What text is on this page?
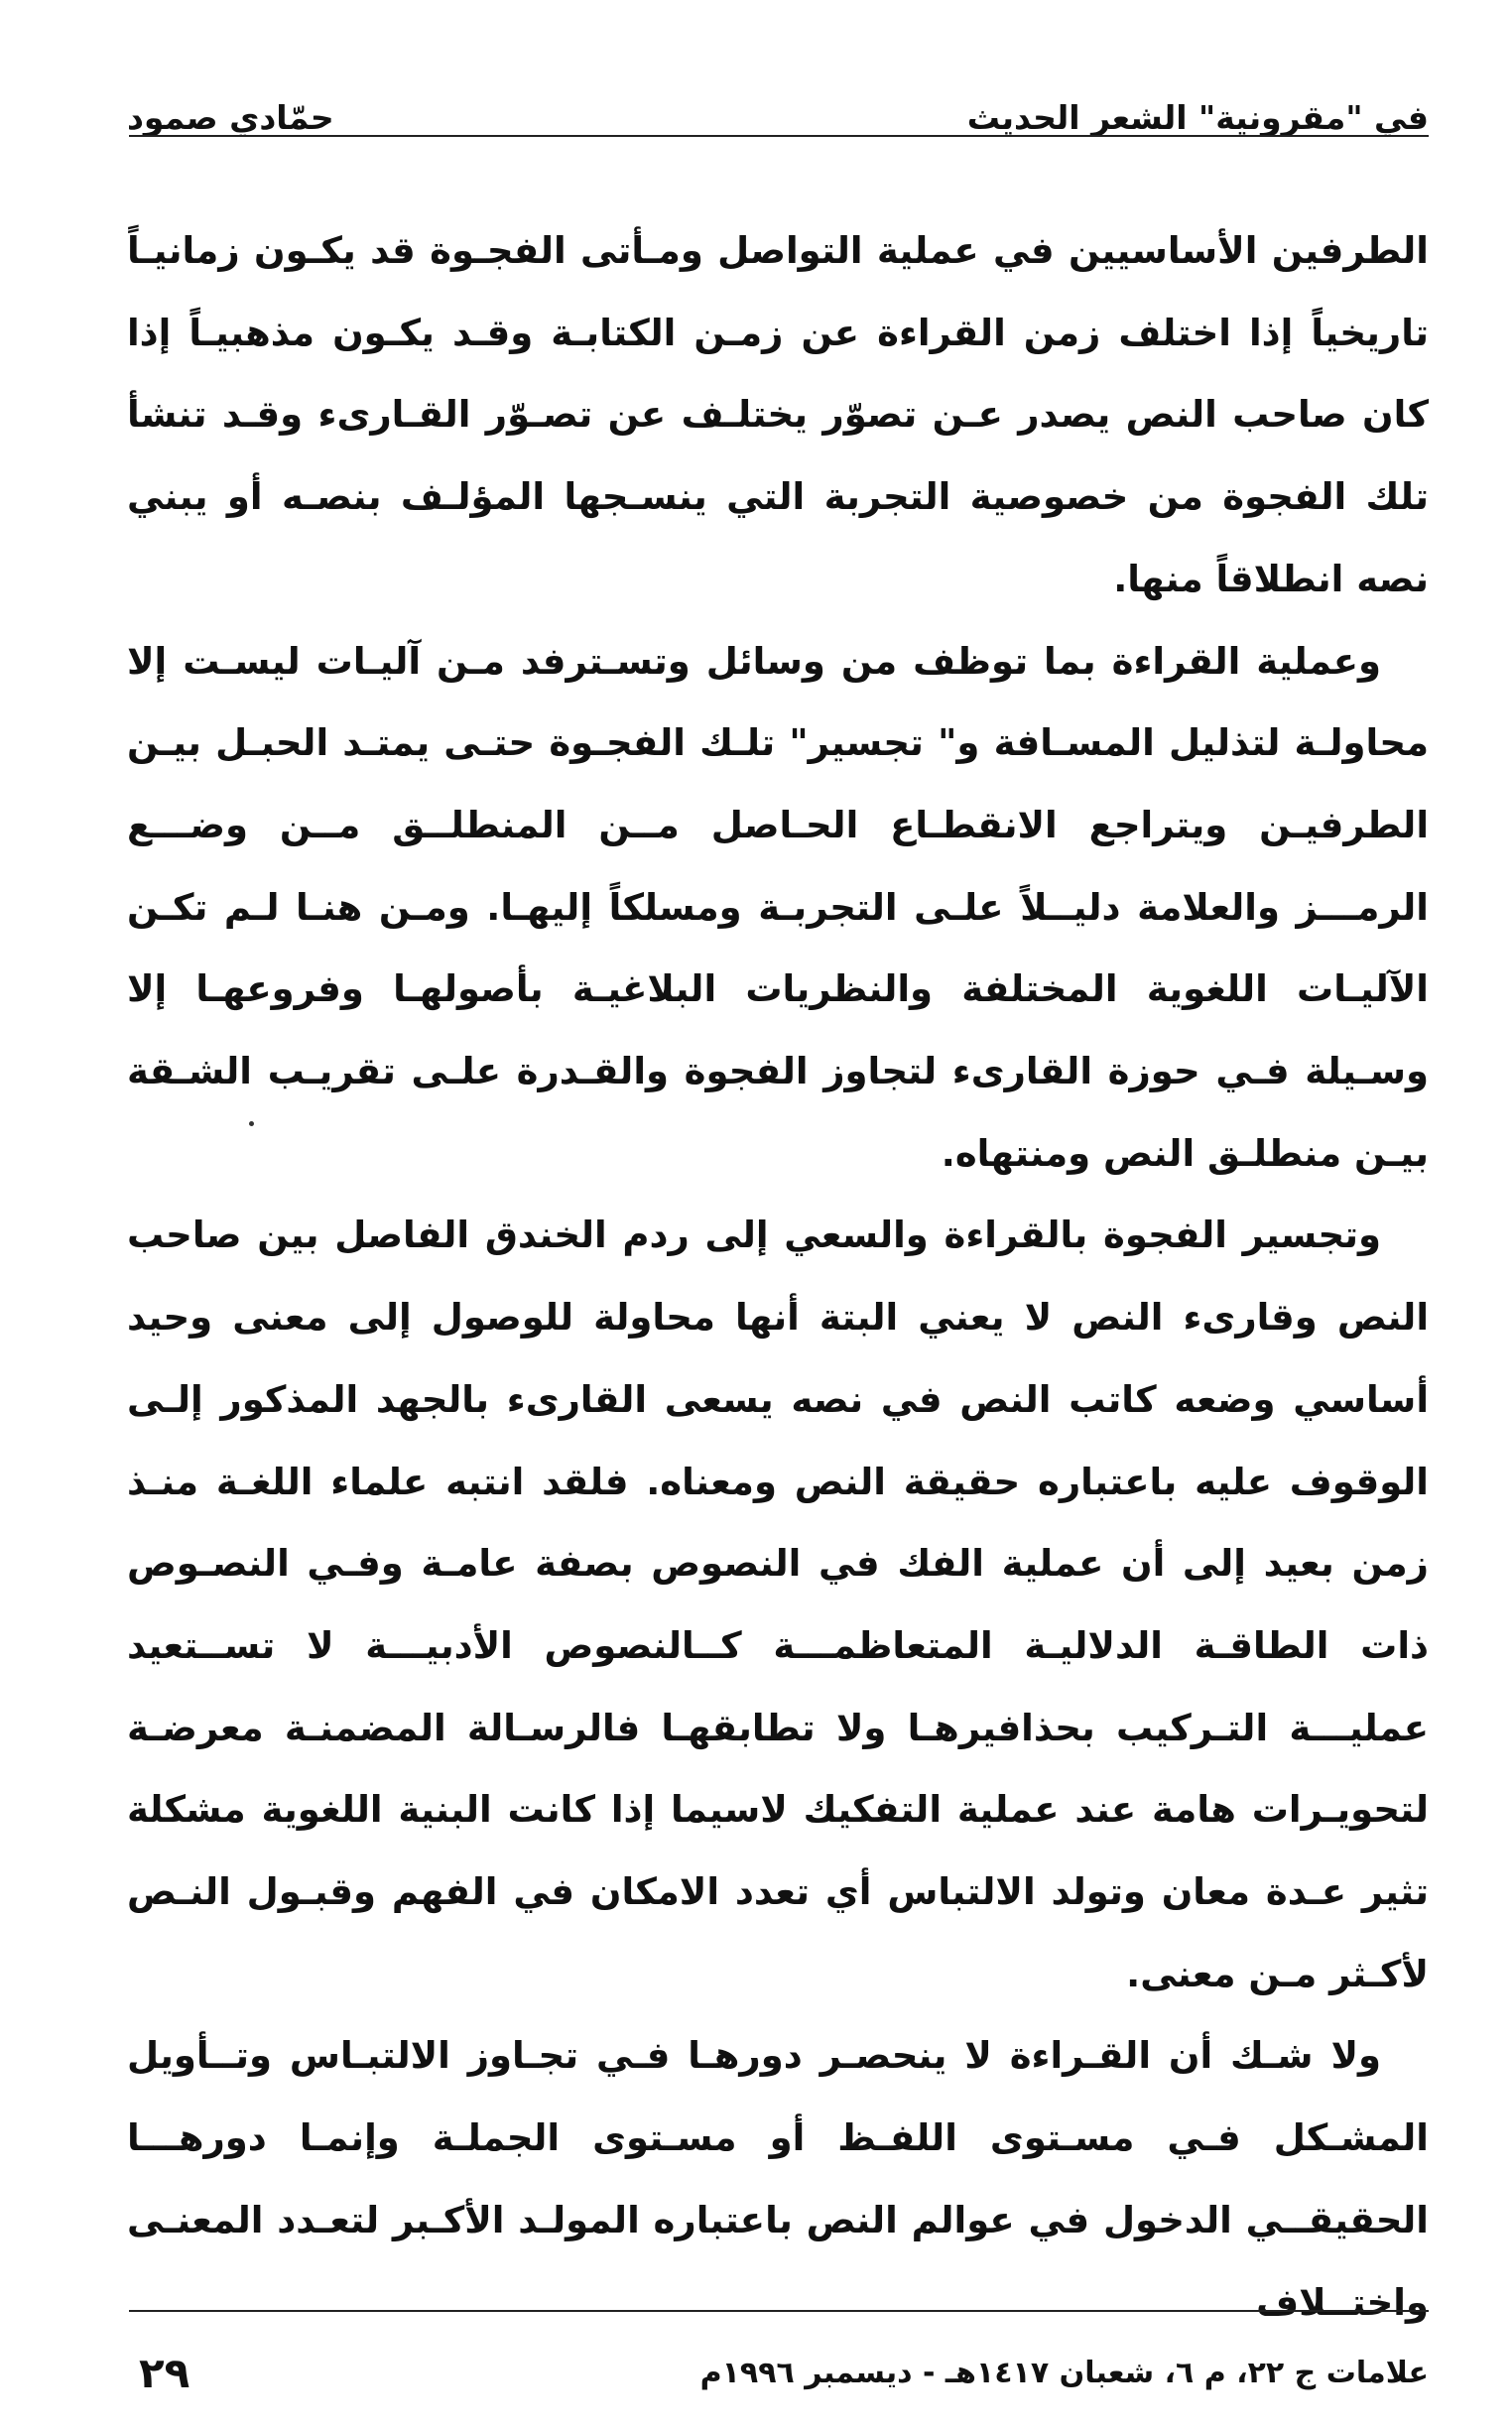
في "مقرونية" الشعر الحديث
حمّادي صمود

الطرفين الأساسيين في عملية التواصل ومـأتى الفجـوة قد يكـون زمانيـاً تاريخياً إذا اختلف زمن القراءة عن زمـن الكتابـة وقـد يكـون مذهبيـاً إذا كان صاحب النص يصدر عـن تصوّر يختلـف عن تصـوّر القـارىء وقـد تنشأ تلك الفجوة من خصوصية التجربة التي ينسـجها المؤلـف بنصـه أو يبني نصه انطلاقاً منها.

وعملية القراءة بما توظف من وسائل وتسـترفد مـن آليـات ليسـت إلا محاولـة لتذليل المسـافة و" تجسير" تلـك الفجـوة حتـى يمتـد الحبـل بيـن الطرفيـن ويتراجع الانقطـاع الحـاصل مــن المنطلــق مــن وضـــع الرمـــز والعلامة دليــلاً علـى التجربـة ومسلكاً إليهـا. ومـن هنـا لـم تكـن الآليـات اللغوية المختلفة والنظريات البلاغيـة بأصولهـا وفروعهـا إلا وسـيلة فـي حوزة القارىء لتجاوز الفجوة والقـدرة علـى تقريـب الشـقة بيـن منطلـق النص ومنتهاه.

وتجسير الفجوة بالقراءة والسعي إلى ردم الخندق الفاصل بين صاحب النص وقارىء النص لا يعني البتة أنها محاولة للوصول إلى معنى وحيد أساسي وضعه كاتب النص في نصه يسعى القارىء بالجهد المذكور إلـى الوقوف عليه باعتباره حقيقة النص ومعناه. فلقد انتبه علماء اللغـة منـذ زمن بعيد إلى أن عملية الفك في النصوص بصفة عامـة وفـي النصـوص ذات الطاقـة الدلاليـة المتعاظمـــة كــالنصوص الأدبيـــة لا تســتعيد عمليـــة التـركيب بحذافيرهـا ولا تطابقهـا فالرسـالة المضمنـة معرضـة لتحويـرات هامة عند عملية التفكيك لاسيما إذا كانت البنية اللغوية مشكلة تثير عـدة معان وتولد الالتباس أي تعدد الامكان في الفهم وقبـول النـص لأكـثر مـن معنى.

ولا شـك أن القـراءة لا ينحصـر دورهـا فـي تجـاوز الالتبـاس وتــأويل المشـكل فـي مسـتوى اللفـظ أو مسـتوى الجملـة وإنمـا دورهـــا الحقيقــي الدخول في عوالم النص باعتباره المولـد الأكـبر لتعـدد المعنـى واختــلاف

علامات ج ٢٢، م ٦، شعبان ١٤١٧هـ - ديسمبر ١٩٩٦م
٢٩
